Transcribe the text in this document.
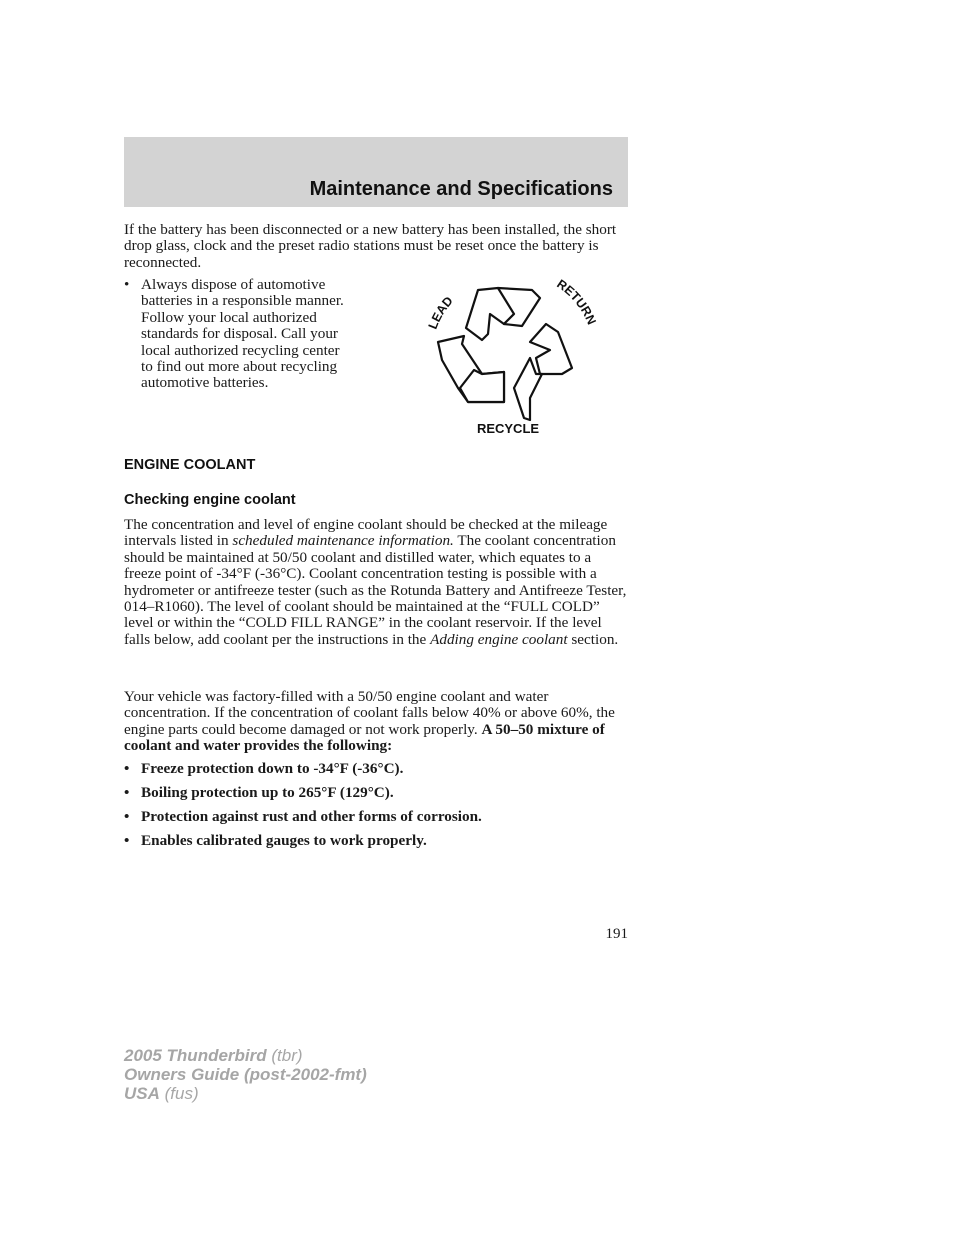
Maintenance and Specifications

If the battery has been disconnected or a new battery has been installed, the short drop glass, clock and the preset radio stations must be reset once the battery is reconnected.

• Always dispose of automotive
batteries in a responsible manner.
Follow your local authorized
standards for disposal. Call your
local authorized recycling center
to find out more about recycling
automotive batteries.
LEAD
RETURN
RECYCLE
ENGINE COOLANT
Checking engine coolant

The concentration and level of engine coolant should be checked at the mileage intervals listed in scheduled maintenance information. The coolant concentration should be maintained at 50/50 coolant and distilled water, which equates to a freeze point of -34°F (-36°C). Coolant concentration testing is possible with a hydrometer or antifreeze tester (such as the Rotunda Battery and Antifreeze Tester, 014–R1060). The level of coolant should be maintained at the “FULL COLD” level or within the “COLD FILL RANGE” in the coolant reservoir. If the level falls below, add coolant per the instructions in the Adding engine coolant section.

Your vehicle was factory-filled with a 50/50 engine coolant and water concentration. If the concentration of coolant falls below 40% or above 60%, the engine parts could become damaged or not work properly. A 50–50 mixture of coolant and water provides the following:

• Freeze protection down to -34°F (-36°C).
• Boiling protection up to 265°F (129°C).
• Protection against rust and other forms of corrosion.
• Enables calibrated gauges to work properly.
191
2005 Thunderbird (tbr)
Owners Guide (post-2002-fmt)
USA (fus)
